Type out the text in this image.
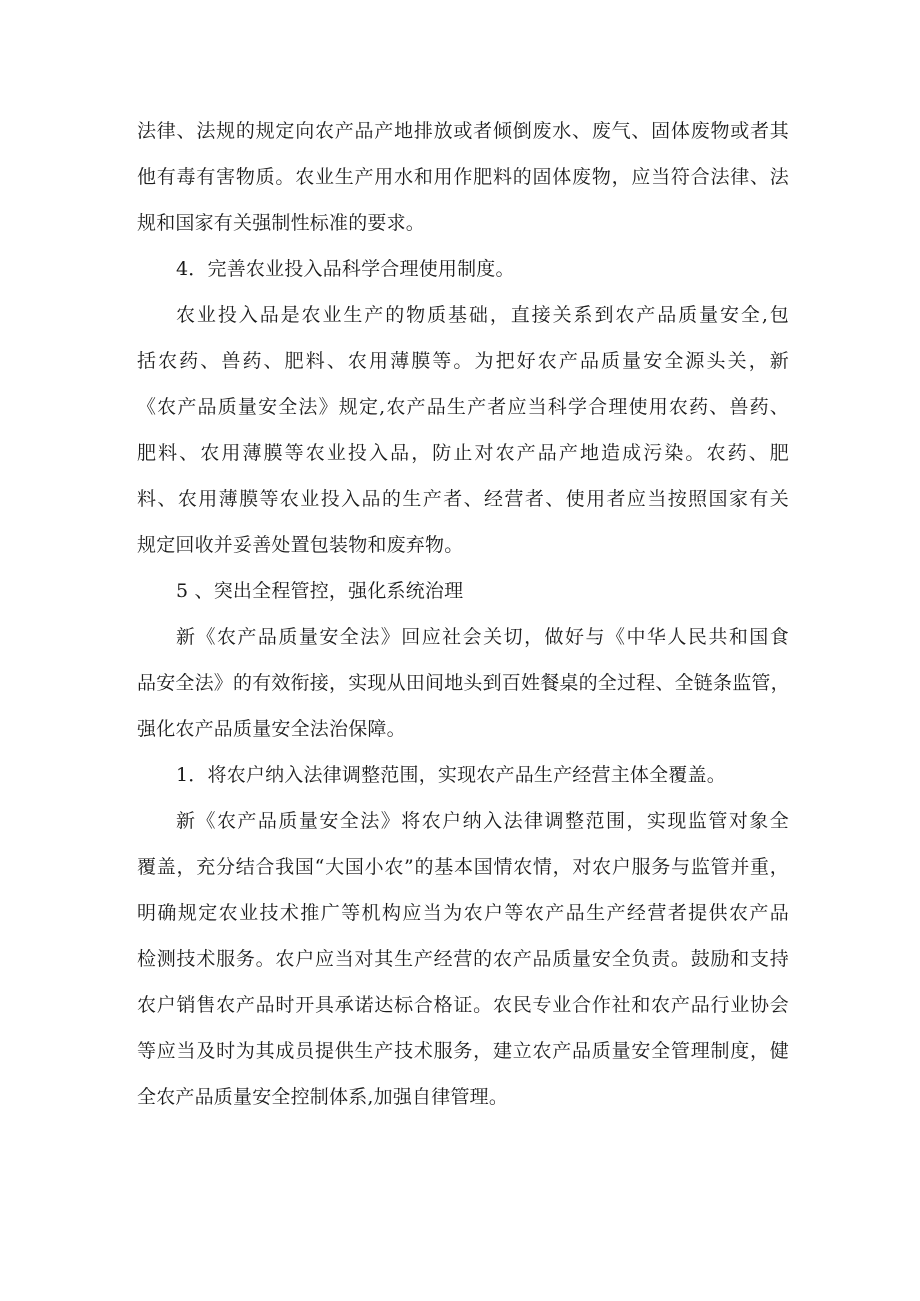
法律、法规的规定向农产品产地排放或者倾倒废水、废气、固体废物或者其
他有毒有害物质。农业生产用水和用作肥料的固体废物，应当符合法律、法
规和国家有关强制性标准的要求。
4．完善农业投入品科学合理使用制度。
农业投入品是农业生产的物质基础，直接关系到农产品质量安全,包
括农药、兽药、肥料、农用薄膜等。为把好农产品质量安全源头关，新
《农产品质量安全法》规定,农产品生产者应当科学合理使用农药、兽药、
肥料、农用薄膜等农业投入品，防止对农产品产地造成污染。农药、肥
料、农用薄膜等农业投入品的生产者、经营者、使用者应当按照国家有关
规定回收并妥善处置包装物和废弃物。
5 、突出全程管控，强化系统治理
新《农产品质量安全法》回应社会关切，做好与《中华人民共和国食
品安全法》的有效衔接，实现从田间地头到百姓餐桌的全过程、全链条监管，
强化农产品质量安全法治保障。
1．将农户纳入法律调整范围，实现农产品生产经营主体全覆盖。
新《农产品质量安全法》将农户纳入法律调整范围，实现监管对象全
覆盖，充分结合我国“大国小农”的基本国情农情，对农户服务与监管并重，
明确规定农业技术推广等机构应当为农户等农产品生产经营者提供农产品
检测技术服务。农户应当对其生产经营的农产品质量安全负责。鼓励和支持
农户销售农产品时开具承诺达标合格证。农民专业合作社和农产品行业协会
等应当及时为其成员提供生产技术服务，建立农产品质量安全管理制度，健
全农产品质量安全控制体系,加强自律管理。
